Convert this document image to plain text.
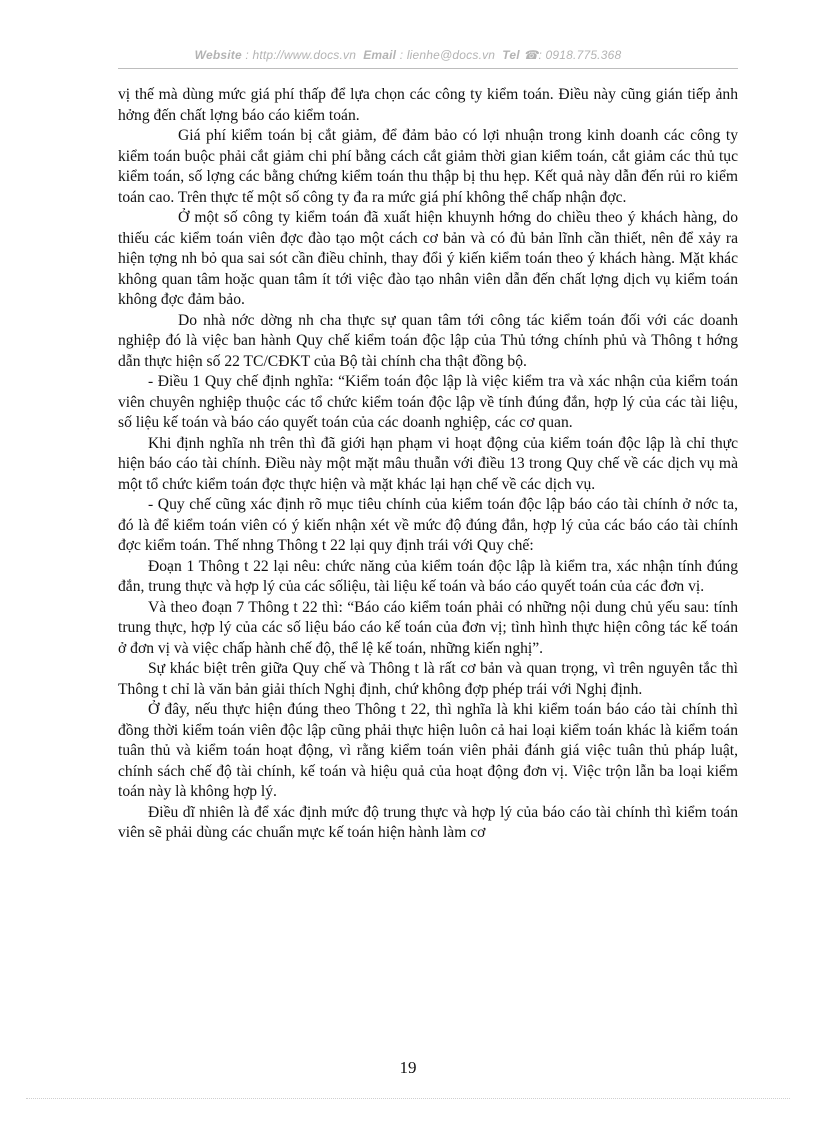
Website : http://www.docs.vn Email : lienhe@docs.vn Tel ☎: 0918.775.368

vị thế mà dùng mức giá phí thấp để lựa chọn các công ty kiểm toán. Điều này cũng gián tiếp ảnh hởng đến chất lợng báo cáo kiểm toán.

Giá phí kiểm toán bị cắt giảm, để đảm bảo có lợi nhuận trong kinh doanh các công ty kiểm toán buộc phải cắt giảm chi phí bằng cách cắt giảm thời gian kiểm toán, cắt giảm các thủ tục kiểm toán, số lợng các bằng chứng kiểm toán thu thập bị thu hẹp. Kết quả này dẫn đến rủi ro kiểm toán cao. Trên thực tế một số công ty đa ra mức giá phí không thể chấp nhận đợc.

Ở một số công ty kiểm toán đã xuất hiện khuynh hớng do chiều theo ý khách hàng, do thiếu các kiểm toán viên đợc đào tạo một cách cơ bản và có đủ bản lĩnh cần thiết, nên để xảy ra hiện tợng nh bỏ qua sai sót cần điều chỉnh, thay đổi ý kiến kiểm toán theo ý khách hàng. Mặt khác không quan tâm hoặc quan tâm ít tới việc đào tạo nhân viên dẫn đến chất lợng dịch vụ kiểm toán không đợc đảm bảo.

Do nhà nớc dờng nh cha thực sự quan tâm tới công tác kiểm toán đối với các doanh nghiệp đó là việc ban hành Quy chế kiểm toán độc lập của Thủ tớng chính phủ và Thông t hớng dẫn thực hiện số 22 TC/CĐKT của Bộ tài chính cha thật đồng bộ.

- Điều 1 Quy chế định nghĩa: “Kiểm toán độc lập là việc kiểm tra và xác nhận của kiểm toán viên chuyên nghiệp thuộc các tổ chức kiểm toán độc lập về tính đúng đắn, hợp lý của các tài liệu, số liệu kế toán và báo cáo quyết toán của các doanh nghiệp, các cơ quan.

Khi định nghĩa nh trên thì đã giới hạn phạm vi hoạt động của kiểm toán độc lập là chỉ thực hiện báo cáo tài chính. Điều này một mặt mâu thuẫn với điều 13 trong Quy chế về các dịch vụ mà một tổ chức kiểm toán đợc thực hiện và mặt khác lại hạn chế về các dịch vụ.

- Quy chế cũng xác định rõ mục tiêu chính của kiểm toán độc lập báo cáo tài chính ở nớc ta, đó là để kiểm toán viên có ý kiến nhận xét về mức độ đúng đắn, hợp lý của các báo cáo tài chính đợc kiểm toán. Thế nhng Thông t 22 lại quy định trái với Quy chế:

Đoạn 1 Thông t 22 lại nêu: chức năng của kiểm toán độc lập là kiểm tra, xác nhận tính đúng đắn, trung thực và hợp lý của các sốliệu, tài liệu kế toán và báo cáo quyết toán của các đơn vị.

Và theo đoạn 7 Thông t 22 thì: “Báo cáo kiểm toán phải có những nội dung chủ yếu sau: tính trung thực, hợp lý của các số liệu báo cáo kế toán của đơn vị; tình hình thực hiện công tác kế toán ở đơn vị và việc chấp hành chế độ, thể lệ kế toán, những kiến nghị”.

Sự khác biệt trên giữa Quy chế và Thông t là rất cơ bản và quan trọng, vì trên nguyên tắc thì Thông t chỉ là văn bản giải thích Nghị định, chứ không đợp phép trái với Nghị định.

Ở đây, nếu thực hiện đúng theo Thông t 22, thì nghĩa là khi kiểm toán báo cáo tài chính thì đồng thời kiểm toán viên độc lập cũng phải thực hiện luôn cả hai loại kiểm toán khác là kiểm toán tuân thủ và kiểm toán hoạt động, vì rằng kiểm toán viên phải đánh giá việc tuân thủ pháp luật, chính sách chế độ tài chính, kế toán và hiệu quả của hoạt động đơn vị. Việc trộn lẫn ba loại kiểm toán này là không hợp lý.

Điều dĩ nhiên là để xác định mức độ trung thực và hợp lý của báo cáo tài chính thì kiểm toán viên sẽ phải dùng các chuẩn mực kế toán hiện hành làm cơ

19
